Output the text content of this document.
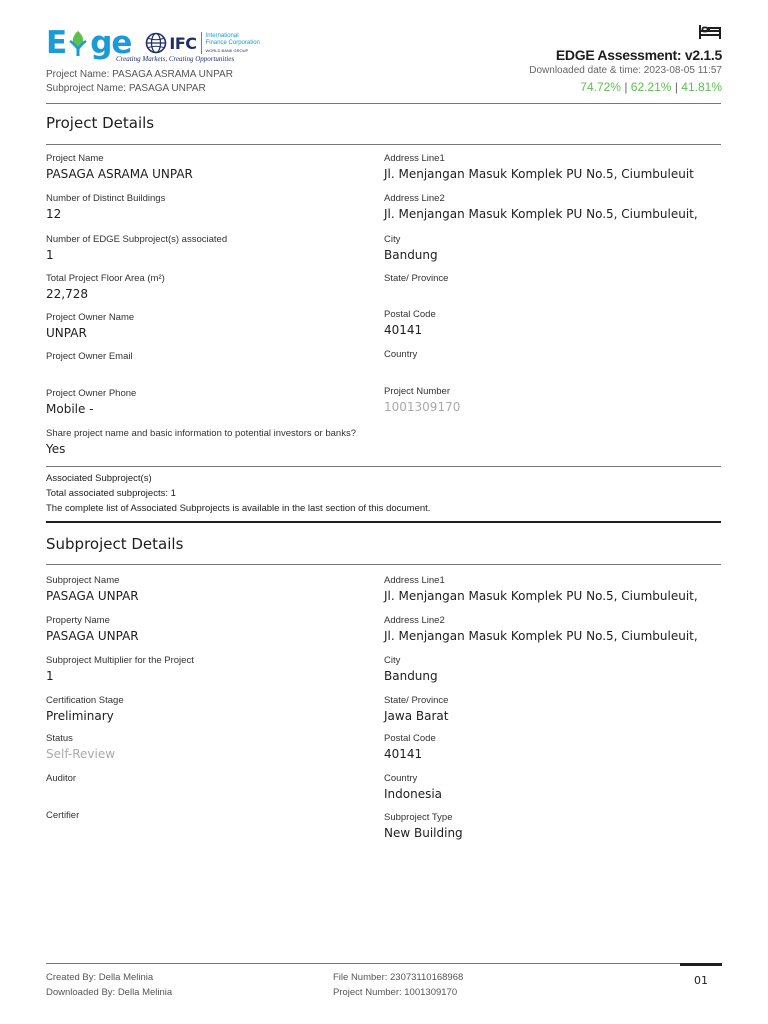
E ge IFC International
Finance Corporation
WORLD BANK GROUP
Creating Markets, Creating Opportunities
Project Name: PASAGA ASRAMA UNPAR
Subproject Name: PASAGA UNPAR
EDGE Assessment: v2.1.5
Downloaded date & time: 2023-08-05 11:57
74.72% | 62.21% | 41.81%
Project Details
Project Name
PASAGA ASRAMA UNPAR
Number of Distinct Buildings
12
Number of EDGE Subproject(s) associated
1
Total Project Floor Area (m²)
22,728
Project Owner Name
UNPAR
Project Owner Email
Project Owner Phone
Mobile -
Share project name and basic information to potential investors or banks?
Yes
Address Line1
Jl. Menjangan Masuk Komplek PU No.5, Ciumbuleuit
Address Line2
Jl. Menjangan Masuk Komplek PU No.5, Ciumbuleuit,
City
Bandung
State/ Province
Postal Code
40141
Country
Project Number
1001309170
Associated Subproject(s)
Total associated subprojects: 1
The complete list of Associated Subprojects is available in the last section of this document.
Subproject Details
Subproject Name
PASAGA UNPAR
Property Name
PASAGA UNPAR
Subproject Multiplier for the Project
1
Certification Stage
Preliminary
Status
Self-Review
Auditor
Certifier
Address Line1
Jl. Menjangan Masuk Komplek PU No.5, Ciumbuleuit,
Address Line2
Jl. Menjangan Masuk Komplek PU No.5, Ciumbuleuit,
City
Bandung
State/ Province
Jawa Barat
Postal Code
40141
Country
Indonesia
Subproject Type
New Building
Created By: Della Melinia
Downloaded By: Della Melinia
File Number: 23073110168968
Project Number: 1001309170
01
